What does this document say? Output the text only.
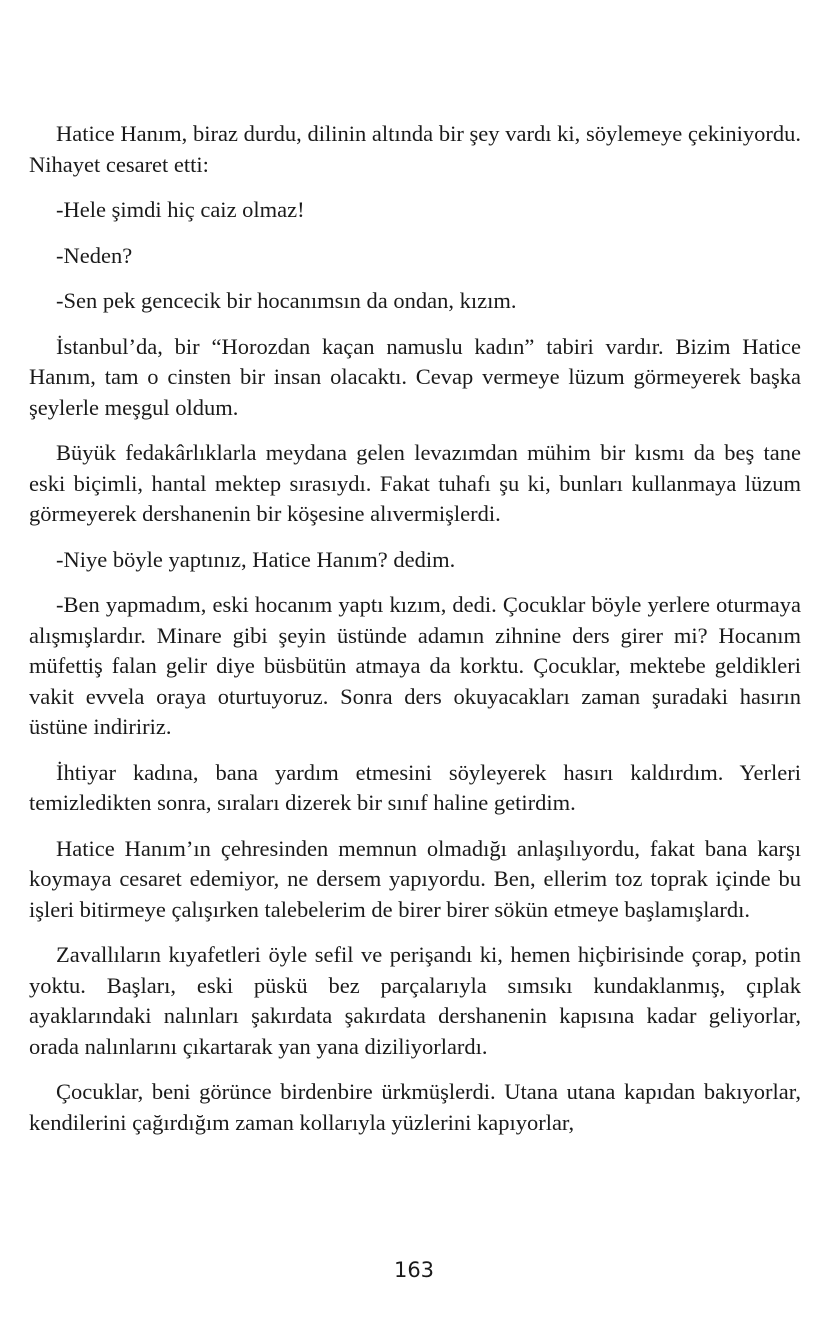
Hatice Hanım, biraz durdu, dilinin altında bir şey vardı ki, söylemeye çekiniyordu. Nihayet cesaret etti:

-Hele şimdi hiç caiz olmaz!

-Neden?

-Sen pek gencecik bir hocanımsın da ondan, kızım.

İstanbul’da, bir “Horozdan kaçan namuslu kadın” tabiri vardır. Bizim Hatice Hanım, tam o cinsten bir insan olacaktı. Cevap vermeye lüzum görmeyerek başka şeylerle meşgul oldum.

Büyük fedakârlıklarla meydana gelen levazımdan mühim bir kısmı da beş tane eski biçimli, hantal mektep sırasıydı. Fakat tuhafı şu ki, bunları kullanmaya lüzum görmeyerek dershanenin bir köşesine alıvermişlerdi.

-Niye böyle yaptınız, Hatice Hanım? dedim.

-Ben yapmadım, eski hocanım yaptı kızım, dedi. Çocuklar böyle yerlere oturmaya alışmışlardır. Minare gibi şeyin üstünde adamın zihnine ders girer mi? Hocanım müfettiş falan gelir diye büsbütün atmaya da korktu. Çocuklar, mektebe geldikleri vakit evvela oraya oturtuyoruz. Sonra ders okuyacakları zaman şuradaki hasırın üstüne indiririz.

İhtiyar kadına, bana yardım etmesini söyleyerek hasırı kaldırdım. Yerleri temizledikten sonra, sıraları dizerek bir sınıf haline getirdim.

Hatice Hanım’ın çehresinden memnun olmadığı anlaşılıyordu, fakat bana karşı koymaya cesaret edemiyor, ne dersem yapıyordu. Ben, ellerim toz toprak içinde bu işleri bitirmeye çalışırken talebelerim de birer birer sökün etmeye başlamışlardı.

Zavallıların kıyafetleri öyle sefil ve perişandı ki, hemen hiçbirisinde çorap, potin yoktu. Başları, eski püskü bez parçalarıyla sımsıkı kundaklanmış, çıplak ayaklarındaki nalınları şakırdata şakırdata dershanenin kapısına kadar geliyorlar, orada nalınlarını çıkartarak yan yana diziliyorlardı.

Çocuklar, beni görünce birdenbire ürkmüşlerdi. Utana utana kapıdan bakıyorlar, kendilerini çağırdığım zaman kollarıyla yüzlerini kapıyorlar,

163
